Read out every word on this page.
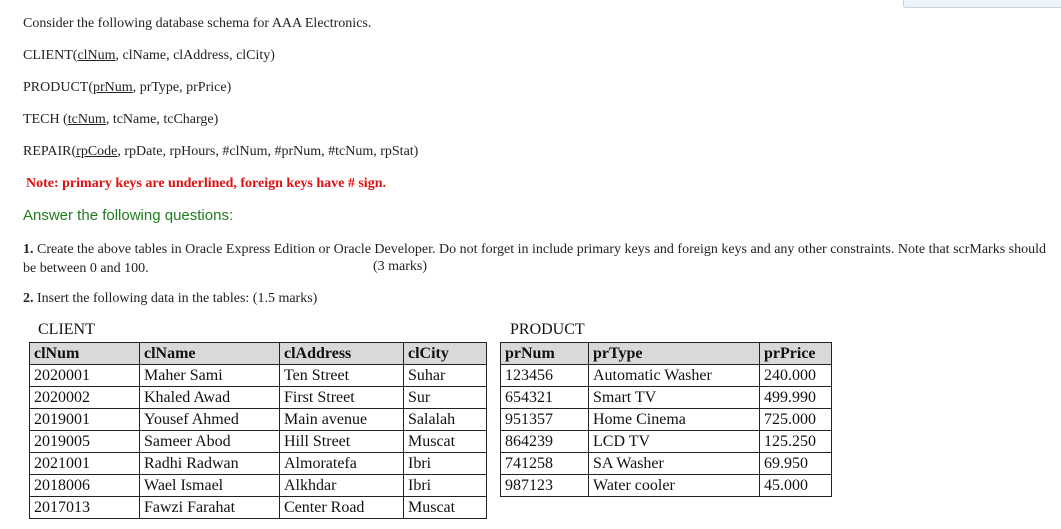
Consider the following database schema for AAA Electronics.
CLIENT(clNum, clName, clAddress, clCity)
PRODUCT(prNum, prType, prPrice)
TECH (tcNum, tcName, tcCharge)
REPAIR(rpCode, rpDate, rpHours, #clNum, #prNum, #tcNum, rpStat)
Note: primary keys are underlined, foreign keys have # sign.
Answer the following questions:
1. Create the above tables in Oracle Express Edition or Oracle Developer. Do not forget in include primary keys and foreign keys and any other constraints. Note that scrMarks should be between 0 and 100.	(3 marks)
2. Insert the following data in the tables: (1.5 marks)
CLIENT	PRODUCT
clNum	clName	clAddress	clCity
2020001	Maher Sami	Ten Street	Suhar
2020002	Khaled Awad	First Street	Sur
2019001	Yousef Ahmed	Main avenue	Salalah
2019005	Sameer Abod	Hill Street	Muscat
2021001	Radhi Radwan	Almoratefa	Ibri
2018006	Wael Ismael	Alkhdar	Ibri
2017013	Fawzi Farahat	Center Road	Muscat
prNum	prType	prPrice
123456	Automatic Washer	240.000
654321	Smart TV	499.990
951357	Home Cinema	725.000
864239	LCD TV	125.250
741258	SA Washer	69.950
987123	Water cooler	45.000
